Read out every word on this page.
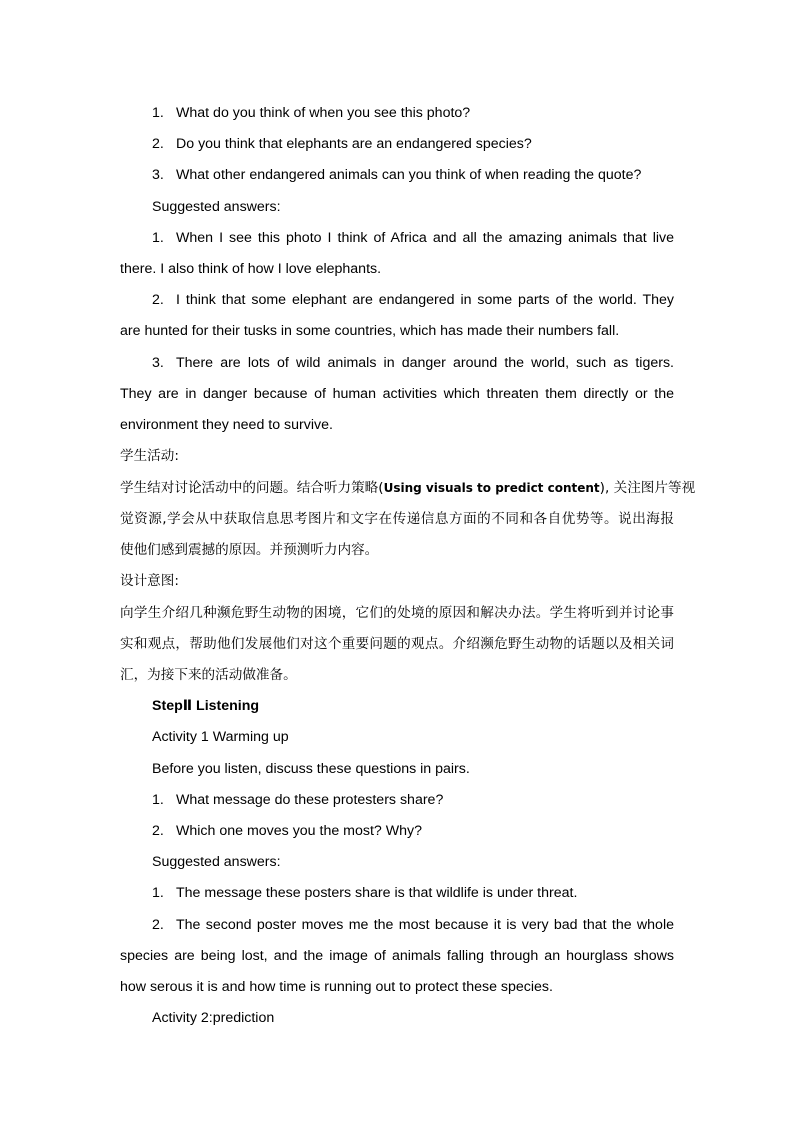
1. What do you think of when you see this photo?
2. Do you think that elephants are an endangered species?
3. What other endangered animals can you think of when reading the quote?
Suggested answers:
1. When I see this photo I think of Africa and all the amazing animals that live
there. I also think of how I love elephants.
2. I think that some elephant are endangered in some parts of the world. They
are hunted for their tusks in some countries, which has made their numbers fall.
3. There are lots of wild animals in danger around the world, such as tigers.
They are in danger because of human activities which threaten them directly or the
environment they need to survive.
学生活动:
学生结对讨论活动中的问题。结合听力策略(Using visuals to predict content), 关注图片等视
觉资源,学会从中获取信息思考图片和文字在传递信息方面的不同和各自优势等。说出海报
使他们感到震撼的原因。并预测听力内容。
设计意图:
向学生介绍几种濒危野生动物的困境，它们的处境的原因和解决办法。学生将听到并讨论事
实和观点，帮助他们发展他们对这个重要问题的观点。介绍濒危野生动物的话题以及相关词
汇，为接下来的活动做准备。
StepⅡ Listening
Activity 1 Warming up
Before you listen, discuss these questions in pairs.
1. What message do these protesters share?
2. Which one moves you the most? Why?
Suggested answers:
1. The message these posters share is that wildlife is under threat.
2. The second poster moves me the most because it is very bad that the whole
species are being lost, and the image of animals falling through an hourglass shows
how serous it is and how time is running out to protect these species.
Activity 2:prediction
